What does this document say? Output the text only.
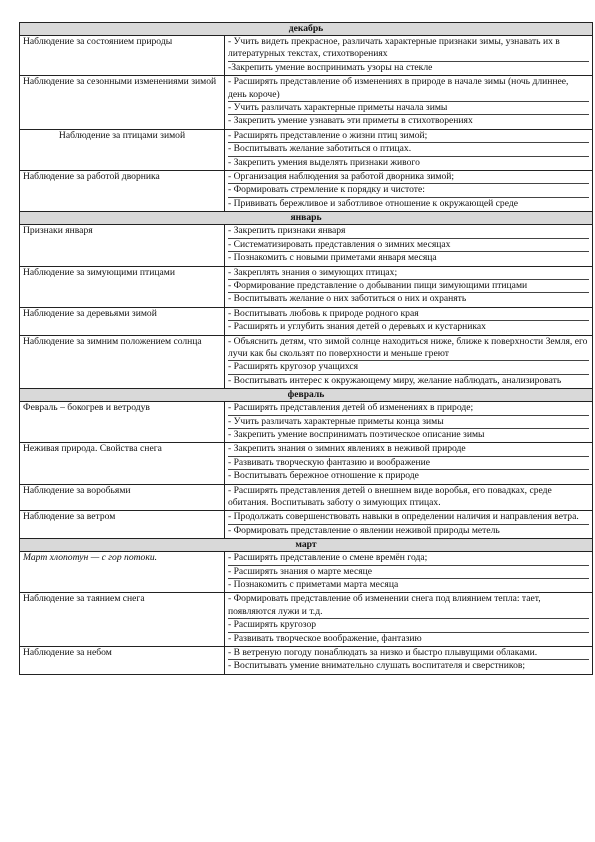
декабрь	
Наблюдение за состоянием природы	- Учить видеть прекрасное, различать характерные признаки зимы, узнавать их в литературных текстах, стихотворениях
-Закрепить умение воспринимать узоры на стекле

Наблюдение за сезонными изменениями зимой	- Расширять представление об изменениях в природе в начале зимы (ночь длиннее, день короче)
- Учить различать характерные приметы начала зимы
- Закрепить умение узнавать эти приметы в стихотворениях

Наблюдение за птицами зимой	- Расширять представление о жизни птиц зимой;
- Воспитывать желание заботиться о птицах.
- Закрепить умения выделять признаки живого

Наблюдение за работой дворника	- Организация наблюдения за работой дворника зимой;
- Формировать стремление к порядку и чистоте:
- Прививать бережливое и заботливое отношение к окружающей среде

январь	
Признаки января	- Закрепить признаки января
- Систематизировать представления о зимних месяцах
- Познакомить с новыми приметами января месяца

Наблюдение за зимующими птицами	- Закреплять знания о зимующих птицах;
- Формирование представление о добывании пищи зимующими птицами
- Воспитывать желание о них заботиться о них и охранять

Наблюдение за деревьями зимой	- Воспитывать любовь к природе родного края
- Расширять и углубить знания детей о деревьях и кустарниках

Наблюдение за зимним положением солнца	- Объяснить детям, что зимой солнце находиться ниже, ближе к поверхности Земля, его лучи как бы скользят по поверхности и меньше греют
- Расширять кругозор учащихся
- Воспитывать интерес к окружающему миру, желание наблюдать, анализировать

февраль	
Февраль – бокогрев и ветродув	- Расширять представления детей об изменениях в природе;
- Учить различать характерные приметы конца зимы
- Закрепить умение воспринимать поэтическое описание зимы

Неживая природа. Свойства снега	- Закрепить знания о зимних явлениях в неживой природе
- Развивать творческую фантазию и воображение
- Воспитывать бережное отношение к природе

Наблюдение за воробьями	- Расширять представления детей о внешнем виде воробья, его повадках, среде обитания. Воспитывать заботу о зимующих птицах.

Наблюдение за ветром	- Продолжать совершенствовать навыки в определении наличия и направления ветра.
- Формировать представление о явлении неживой природы метель

март	
Март хлопотун — с гор потоки.	- Расширять представление о смене времён года;
- Расширять знания о марте месяце
- Познакомить с приметами марта месяца

Наблюдение за таянием снега	- Формировать представление об изменении снега под влиянием тепла: тает, появляются лужи и т.д.
- Расширять кругозор
- Развивать творческое воображение, фантазию

Наблюдение за небом	- В ветреную погоду понаблюдать за низко и быстро плывущими облаками.
- Воспитывать умение внимательно слушать воспитателя и сверстников;
